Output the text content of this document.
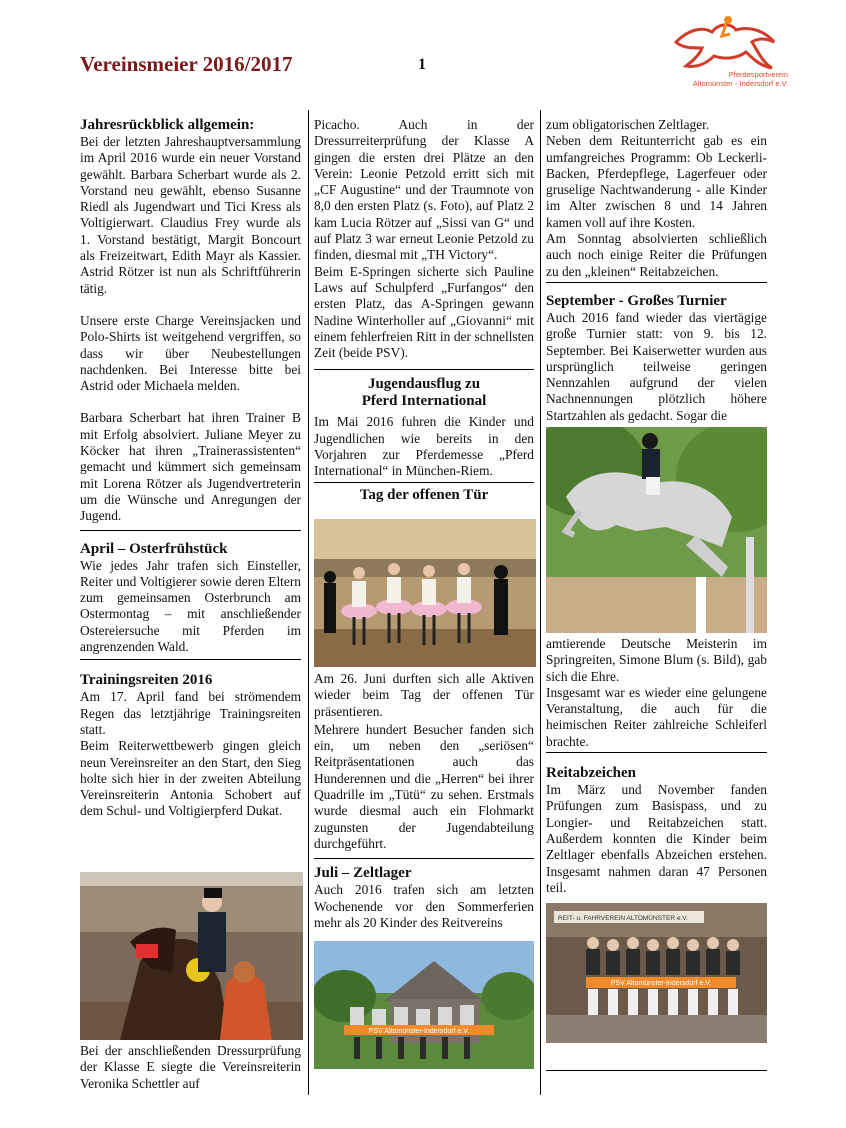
Vereinsmeier 2016/2017	1
Pferdesportverein
Altomünster - Indersdorf e.V.
Jahresrückblick allgemein:

Bei der letzten Jahreshauptversammlung im April 2016 wurde ein neuer Vorstand gewählt. Barbara Scherbart wurde als 2. Vorstand neu gewählt, ebenso Susanne Riedl als Jugendwart und Tici Kress als Voltigierwart. Claudius Frey wurde als 1. Vorstand bestätigt, Margit Boncourt als Freizeitwart, Edith Mayr als Kassier. Astrid Rötzer ist nun als Schriftführerin tätig.

Unsere erste Charge Vereinsjacken und Polo-Shirts ist weitgehend vergriffen, so dass wir über Neubestellungen nachdenken. Bei Interesse bitte bei Astrid oder Michaela melden.

Barbara Scherbart hat ihren Trainer B mit Erfolg absolviert. Juliane Meyer zu Köcker hat ihren „Trainerassistenten“ gemacht und kümmert sich gemeinsam mit Lorena Rötzer als Jugendvertreterin um die Wünsche und Anregungen der Jugend.

April – Osterfrühstück

Wie jedes Jahr trafen sich Einsteller, Reiter und Voltigierer sowie deren Eltern zum gemeinsamen Osterbrunch am Ostermontag – mit anschließender Ostereiersuche mit Pferden im angrenzenden Wald.

Trainingsreiten 2016

Am 17. April fand bei strömendem Regen das letztjährige Trainingsreiten statt.

Beim Reiterwettbewerb gingen gleich neun Vereinsreiter an den Start, den Sieg holte sich hier in der zweiten Abteilung Vereinsreiterin Antonia Schobert auf dem Schul- und Voltigierpferd Dukat.

Bei der anschließenden Dressurprüfung der Klasse E siegte die Vereinsreiterin Veronika Schettler auf

Picacho. Auch in der Dressurreiterprüfung der Klasse A gingen die ersten drei Plätze an den Verein: Leonie Petzold erritt sich mit „CF Augustine“ und der Traumnote von 8,0 den ersten Platz (s. Foto), auf Platz 2 kam Lucia Rötzer auf „Sissi van G“ und auf Platz 3 war erneut Leonie Petzold zu finden, diesmal mit „TH Victory“.

Beim E-Springen sicherte sich Pauline Laws auf Schulpferd „Furfangos“ den ersten Platz, das A-Springen gewann Nadine Winterholler auf „Giovanni“ mit einem fehlerfreien Ritt in der schnellsten Zeit (beide PSV).

Jugendausflug zu
Pferd International

Im Mai 2016 fuhren die Kinder und Jugendlichen wie bereits in den Vorjahren zur Pferdemesse „Pferd International“ in München-Riem.

Tag der offenen Tür

Am 26. Juni durften sich alle Aktiven wieder beim Tag der offenen Tür präsentieren.

Mehrere hundert Besucher fanden sich ein, um neben den „seriösen“ Reitpräsentationen auch das Hunderennen und die „Herren“ bei ihrer Quadrille im „Tütü“ zu sehen. Erstmals wurde diesmal auch ein Flohmarkt zugunsten der Jugendabteilung durchgeführt.

Juli – Zeltlager

Auch 2016 trafen sich am letzten Wochenende vor den Sommerferien mehr als 20 Kinder des Reitvereins

PSV Altomünster-Indersdorf e.V.

zum obligatorischen Zeltlager.

Neben dem Reitunterricht gab es ein umfangreiches Programm: Ob Leckerli-Backen, Pferdepflege, Lagerfeuer oder gruselige Nachtwanderung - alle Kinder im Alter zwischen 8 und 14 Jahren kamen voll auf ihre Kosten.

Am Sonntag absolvierten schließlich auch noch einige Reiter die Prüfungen zu den „kleinen“ Reitabzeichen.

September - Großes Turnier

Auch 2016 fand wieder das viertägige große Turnier statt: von 9. bis 12. September. Bei Kaiserwetter wurden aus ursprünglich teilweise geringen Nennzahlen aufgrund der vielen Nachnennungen plötzlich höhere Startzahlen als gedacht. Sogar die

amtierende Deutsche Meisterin im Springreiten, Simone Blum (s. Bild), gab sich die Ehre.

Insgesamt war es wieder eine gelungene Veranstaltung, die auch für die heimischen Reiter zahlreiche Schleiferl brachte.

Reitabzeichen

Im März und November fanden Prüfungen zum Basispass, und zu Longier- und Reitabzeichen statt. Außerdem konnten die Kinder beim Zeltlager ebenfalls Abzeichen erstehen. Insgesamt nahmen daran 47 Personen teil.

REIT- u. FAHRVEREIN ALTOMÜNSTER e.V.
PSV Altomünster-Indersdorf e.V.
